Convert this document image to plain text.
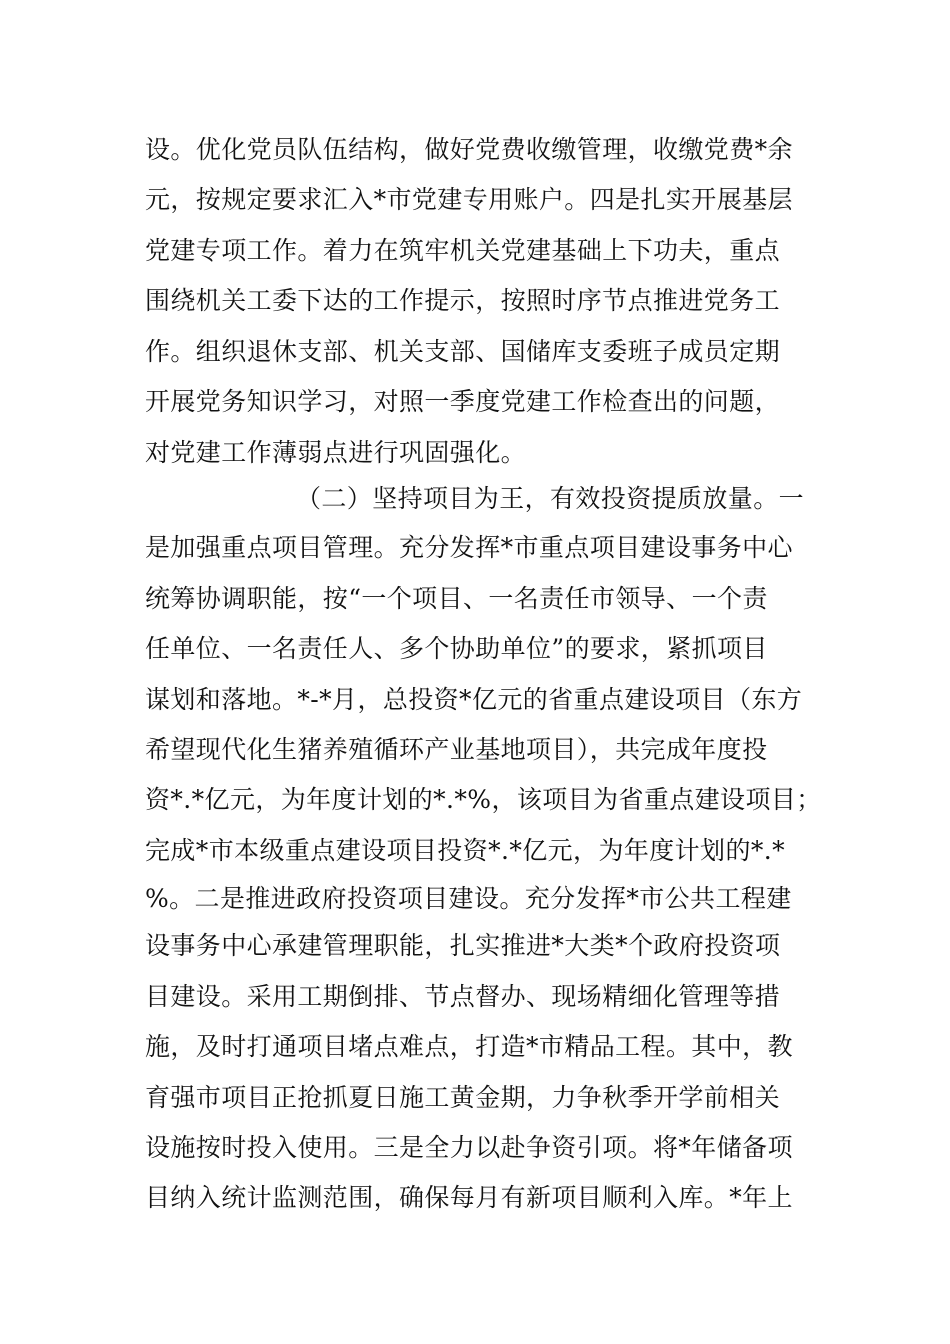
设。优化党员队伍结构，做好党费收缴管理，收缴党费*余
元，按规定要求汇入*市党建专用账户。四是扎实开展基层
党建专项工作。着力在筑牢机关党建基础上下功夫，重点
围绕机关工委下达的工作提示，按照时序节点推进党务工
作。组织退休支部、机关支部、国储库支委班子成员定期
开展党务知识学习，对照一季度党建工作检查出的问题，
对党建工作薄弱点进行巩固强化。
（二）坚持项目为王，有效投资提质放量。一
是加强重点项目管理。充分发挥*市重点项目建设事务中心
统筹协调职能，按“一个项目、一名责任市领导、一个责
任单位、一名责任人、多个协助单位”的要求，紧抓项目
谋划和落地。*-*月，总投资*亿元的省重点建设项目（东方
希望现代化生猪养殖循环产业基地项目），共完成年度投
资*.*亿元，为年度计划的*.*%，该项目为省重点建设项目；
完成*市本级重点建设项目投资*.*亿元，为年度计划的*.*
%。二是推进政府投资项目建设。充分发挥*市公共工程建
设事务中心承建管理职能，扎实推进*大类*个政府投资项
目建设。采用工期倒排、节点督办、现场精细化管理等措
施，及时打通项目堵点难点，打造*市精品工程。其中，教
育强市项目正抢抓夏日施工黄金期，力争秋季开学前相关
设施按时投入使用。三是全力以赴争资引项。将*年储备项
目纳入统计监测范围，确保每月有新项目顺利入库。*年上
